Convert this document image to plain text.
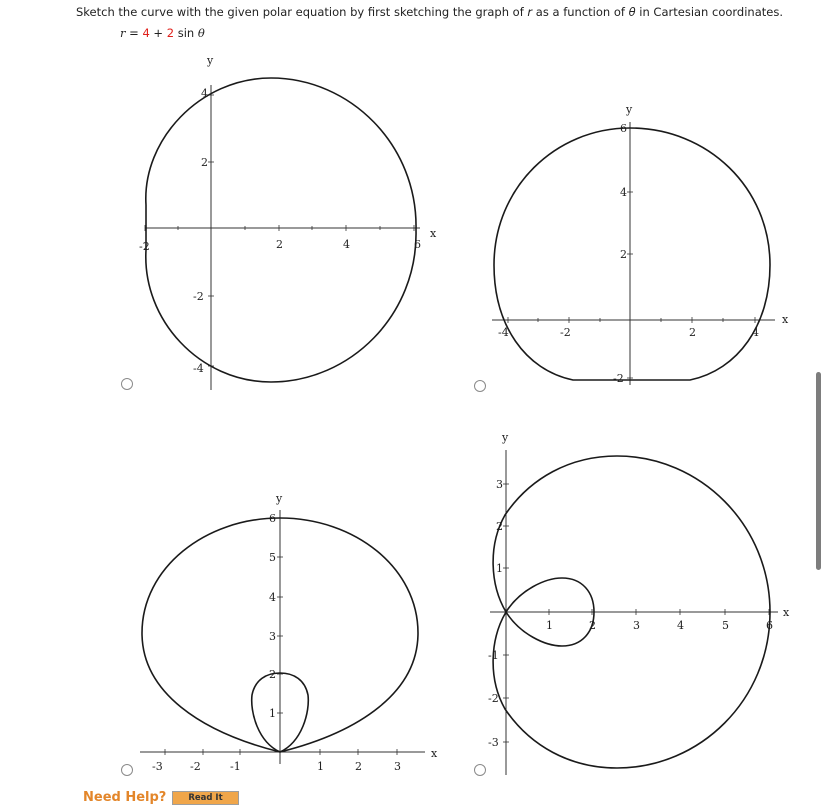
Sketch the curve with the given polar equation by first sketching the graph of r as a function of θ in Cartesian coordinates.
r = 4 + 2 sin θ
x
y
-2	2	4	6
4
2
-2
-4
x
y
-4	-2	2	4
6
4
2
-2
x
y
-3 -2	-1	1	2	3
6
5
4
3
2
1
x
y
1	2	3	4	5	6
3
2
1
-1
-2
-3
Need Help?	Read It
